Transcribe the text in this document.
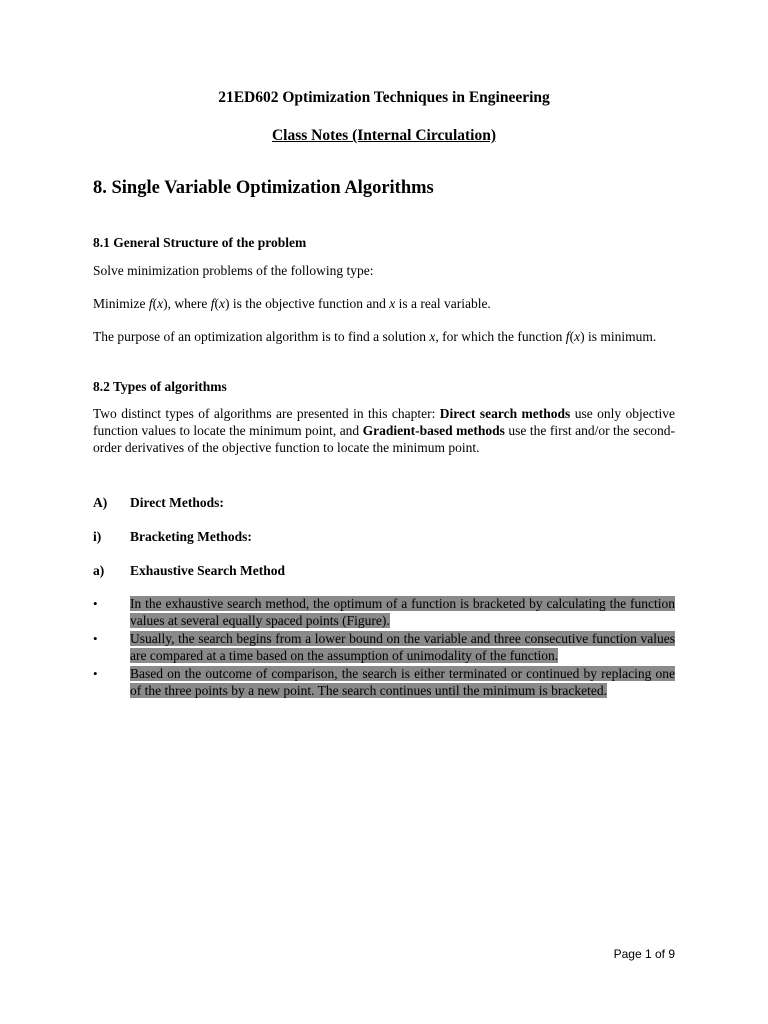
21ED602 Optimization Techniques in Engineering
Class Notes (Internal Circulation)
8. Single Variable Optimization Algorithms
8.1 General Structure of the problem
Solve minimization problems of the following type:
Minimize f(x), where f(x) is the objective function and x is a real variable.
The purpose of an optimization algorithm is to find a solution x, for which the function f(x) is minimum.
8.2 Types of algorithms
Two distinct types of algorithms are presented in this chapter: Direct search methods use only objective function values to locate the minimum point, and Gradient-based methods use the first and/or the second-order derivatives of the objective function to locate the minimum point.
A) Direct Methods:
i) Bracketing Methods:
a) Exhaustive Search Method
•	In the exhaustive search method, the optimum of a function is bracketed by calculating the function values at several equally spaced points (Figure).
•	Usually, the search begins from a lower bound on the variable and three consecutive function values are compared at a time based on the assumption of unimodality of the function.
•	Based on the outcome of comparison, the search is either terminated or continued by replacing one of the three points by a new point. The search continues until the minimum is bracketed.
Page 1 of 9
